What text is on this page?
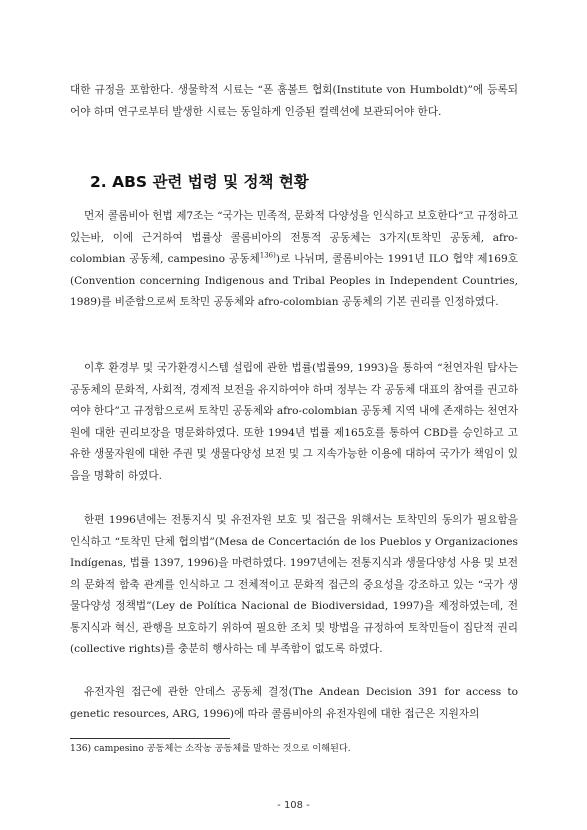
대한 규정을 포함한다. 생물학적 시료는 “폰 훔볼트 협회(Institute von Humboldt)”에 등록되어야 하며 연구로부터 발생한 시료는 동일하게 인증된 컬렉션에 보관되어야 한다.

2. ABS 관련 법령 및 정책 현황

먼저 콜롬비아 헌법 제7조는 “국가는 민족적, 문화적 다양성을 인식하고 보호한다”고 규정하고 있는바, 이에 근거하여 법률상 콜롬비아의 전통적 공동체는 3가지(토착민 공동체, afro-colombian 공동체, campesino 공동체$^{136)}$)로 나뉘며, 콜롬비아는 1991년 ILO 협약 제169호(Convention concerning Indigenous and Tribal Peoples in Independent Countries, 1989)를 비준함으로써 토착민 공동체와 afro-colombian 공동체의 기본 권리를 인정하였다.

이후 환경부 및 국가환경시스템 설립에 관한 법률(법률99, 1993)을 통하여 “천연자원 탐사는 공동체의 문화적, 사회적, 경제적 보전을 유지하여야 하며 정부는 각 공동체 대표의 참여를 권고하여야 한다”고 규정함으로써 토착민 공동체와 afro-colombian 공동체 지역 내에 존재하는 천연자원에 대한 권리보장을 명문화하였다. 또한 1994년 법률 제165호를 통하여 CBD를 승인하고 고유한 생물자원에 대한 주권 및 생물다양성 보전 및 그 지속가능한 이용에 대하여 국가가 책임이 있음을 명확히 하였다.

한편 1996년에는 전통지식 및 유전자원 보호 및 접근을 위해서는 토착민의 동의가 필요함을 인식하고 “토착민 단체 협의법”(Mesa de Concertación de los Pueblos y Organizaciones Indígenas, 법률 1397, 1996)을 마련하였다. 1997년에는 전통지식과 생물다양성 사용 및 보전의 문화적 함축 관계를 인식하고 그 전체적이고 문화적 접근의 중요성을 강조하고 있는 “국가 생물다양성 정책법”(Ley de Política Nacional de Biodiversidad, 1997)을 제정하였는데, 전통지식과 혁신, 관행을 보호하기 위하여 필요한 조치 및 방법을 규정하여 토착민들이 집단적 권리(collective rights)를 충분히 행사하는 데 부족함이 없도록 하였다.

유전자원 접근에 관한 안데스 공동체 결정(The Andean Decision 391 for access to genetic resources, ARG, 1996)에 따라 콜롬비아의 유전자원에 대한 접근은 지원자의

136) campesino 공동체는 소작농 공동체를 말하는 것으로 이해된다.

- 108 -
